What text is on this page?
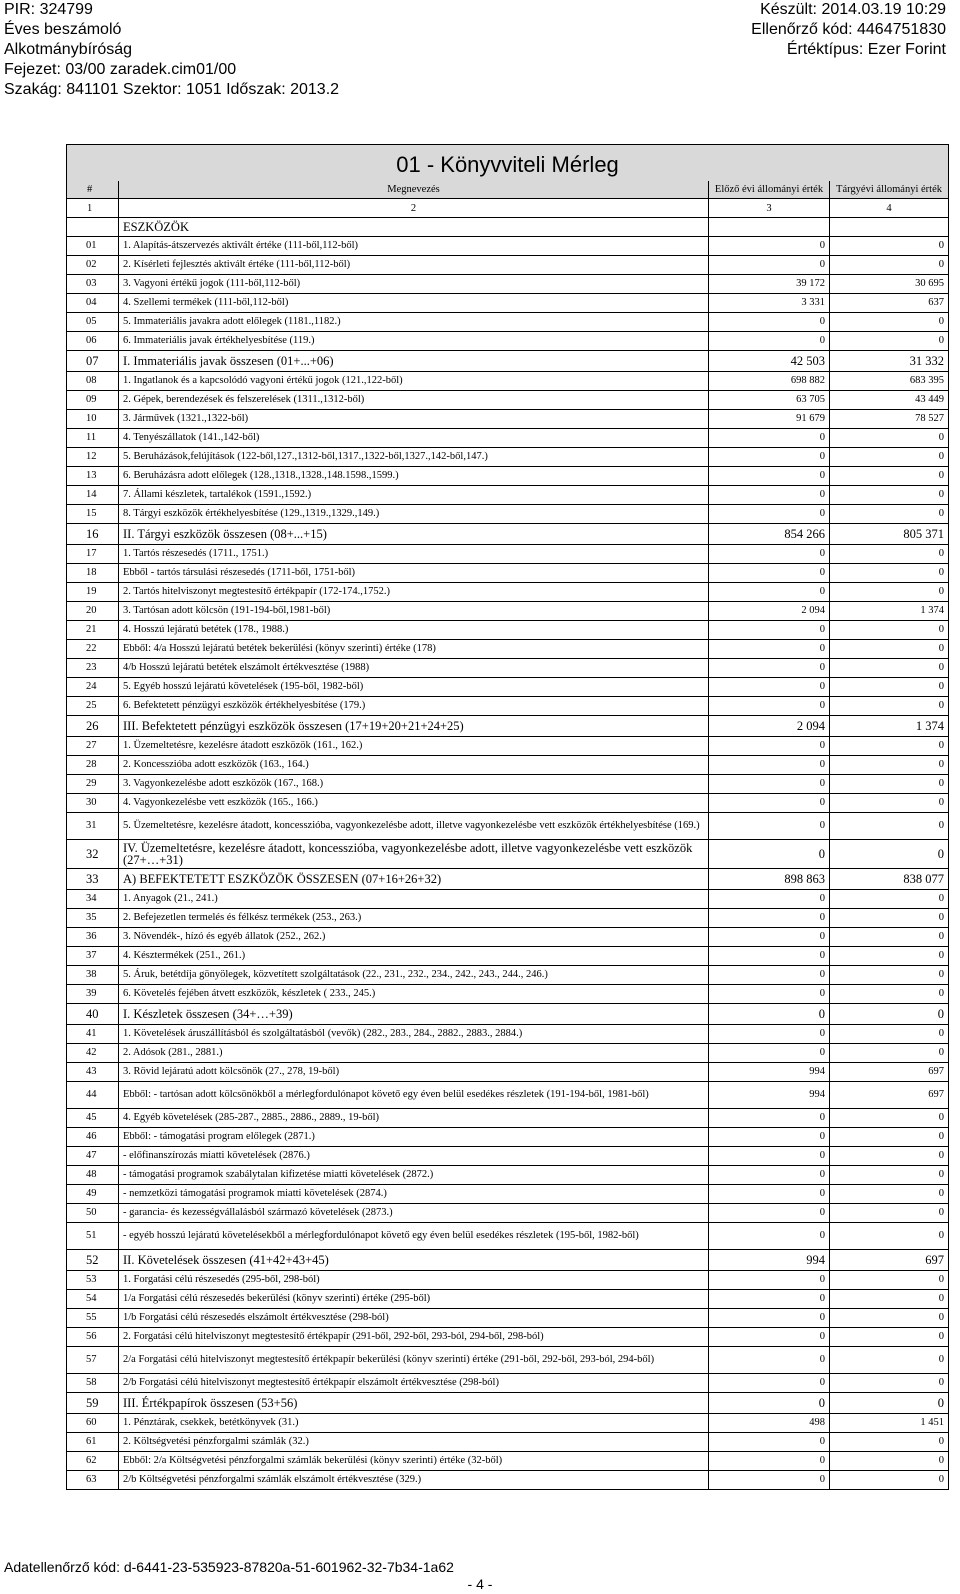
PIR: 324799
Éves beszámoló
Alkotmánybíróság
Fejezet: 03/00 zaradek.cim01/00
Szakág: 841101 Szektor: 1051 Időszak: 2013.2
Készült: 2014.03.19 10:29
Ellenőrző kód: 4464751830
Értéktípus: Ezer Forint
01 - Könyvviteli Mérleg			
#	Megnevezés	Előző évi állományi érték	Tárgyévi állományi érték
1	2	3	4
	ESZKÖZÖK		
01	1. Alapítás-átszervezés aktivált értéke (111-ből,112-ből)	0	0
02	2. Kísérleti fejlesztés aktivált értéke (111-ből,112-ből)	0	0
03	3. Vagyoni értékű jogok (111-ből,112-ből)	39 172	30 695
04	4. Szellemi termékek (111-ből,112-ből)	3 331	637
05	5. Immateriális javakra adott előlegek (1181.,1182.)	0	0
06	6. Immateriális javak értékhelyesbítése (119.)	0	0
07	I. Immateriális javak összesen (01+...+06)	42 503	31 332
08	1. Ingatlanok és a kapcsolódó vagyoni értékű jogok (121.,122-ből)	698 882	683 395
09	2. Gépek, berendezések és felszerelések (1311.,1312-ből)	63 705	43 449
10	3. Járművek (1321.,1322-ből)	91 679	78 527
11	4. Tenyészállatok (141.,142-ből)	0	0
12	5. Beruházások,felújítások (122-ből,127.,1312-ből,1317.,1322-ből,1327.,142-ből,147.)	0	0
13	6. Beruházásra adott előlegek (128.,1318.,1328.,148.1598.,1599.)	0	0
14	7. Állami készletek, tartalékok (1591.,1592.)	0	0
15	8. Tárgyi eszközök értékhelyesbítése (129.,1319.,1329.,149.)	0	0
16	II. Tárgyi eszközök összesen (08+...+15)	854 266	805 371
17	1. Tartós részesedés (1711., 1751.)	0	0
18	Ebből - tartós társulási részesedés (1711-ből, 1751-ből)	0	0
19	2. Tartós hitelviszonyt megtestesítő értékpapír (172-174.,1752.)	0	0
20	3. Tartósan adott kölcsön (191-194-ből,1981-ből)	2 094	1 374
21	4. Hosszú lejáratú betétek (178., 1988.)	0	0
22	Ebből: 4/a Hosszú lejáratú betétek bekerülési (könyv szerinti) értéke (178)	0	0
23	4/b Hosszú lejáratú betétek elszámolt értékvesztése (1988)	0	0
24	5. Egyéb hosszú lejáratú követelések (195-ből, 1982-ből)	0	0
25	6. Befektetett pénzügyi eszközök értékhelyesbítése (179.)	0	0
26	III. Befektetett pénzügyi eszközök összesen (17+19+20+21+24+25)	2 094	1 374
27	1. Üzemeltetésre, kezelésre átadott eszközök (161., 162.)	0	0
28	2. Koncesszióba adott eszközök (163., 164.)	0	0
29	3. Vagyonkezelésbe adott eszközök (167., 168.)	0	0
30	4. Vagyonkezelésbe vett eszközök (165., 166.)	0	0
31	5. Üzemeltetésre, kezelésre átadott, koncesszióba, vagyonkezelésbe adott, illetve vagyonkezelésbe vett eszközök értékhelyesbítése (169.)	0	0
32	IV. Üzemeltetésre, kezelésre átadott, koncesszióba, vagyonkezelésbe adott, illetve vagyonkezelésbe vett eszközök (27+…+31)	0	0
33	A) BEFEKTETETT ESZKÖZÖK ÖSSZESEN (07+16+26+32)	898 863	838 077
34	1. Anyagok (21., 241.)	0	0
35	2. Befejezetlen termelés és félkész termékek (253., 263.)	0	0
36	3. Növendék-, hízó és egyéb állatok (252., 262.)	0	0
37	4. Késztermékek (251., 261.)	0	0
38	5. Áruk, betétdíja gönyölegek, közvetített szolgáltatások (22., 231., 232., 234., 242., 243., 244., 246.)	0	0
39	6. Követelés fejében átvett eszközök, készletek ( 233., 245.)	0	0
40	I. Készletek összesen (34+…+39)	0	0
41	1. Követelések áruszállításból és szolgáltatásból (vevők) (282., 283., 284., 2882., 2883., 2884.)	0	0
42	2. Adósok (281., 2881.)	0	0
43	3. Rövid lejáratú adott kölcsönök (27., 278, 19-ből)	994	697
44	Ebből: - tartósan adott kölcsönökből a mérlegfordulónapot követő egy éven belül esedékes részletek (191-194-ből, 1981-ből)	994	697
45	4. Egyéb követelések (285-287., 2885., 2886., 2889., 19-ből)	0	0
46	Ebből: - támogatási program előlegek (2871.)	0	0
47	- előfinanszírozás miatti követelések (2876.)	0	0
48	- támogatási programok szabálytalan kifizetése miatti követelések (2872.)	0	0
49	- nemzetközi támogatási programok miatti követelések (2874.)	0	0
50	- garancia- és kezességvállalásból származó követelések (2873.)	0	0
51	- egyéb hosszú lejáratú követelésekből a mérlegfordulónapot követő egy éven belül esedékes részletek (195-ből, 1982-ből)	0	0
52	II. Követelések összesen (41+42+43+45)	994	697
53	1. Forgatási célú részesedés (295-ből, 298-ból)	0	0
54	1/a Forgatási célú részesedés bekerülési (könyv szerinti) értéke (295-ből)	0	0
55	1/b Forgatási célú részesedés elszámolt értékvesztése (298-ból)	0	0
56	2. Forgatási célú hitelviszonyt megtestesítő értékpapír (291-ből, 292-ből, 293-ból, 294-ből, 298-ból)	0	0
57	2/a Forgatási célú hitelviszonyt megtestesítő értékpapír bekerülési (könyv szerinti) értéke (291-ből, 292-ből, 293-ból, 294-ből)	0	0
58	2/b Forgatási célú hitelviszonyt megtestesítő értékpapír elszámolt értékvesztése (298-ból)	0	0
59	III. Értékpapírok összesen (53+56)	0	0
60	1. Pénztárak, csekkek, betétkönyvek (31.)	498	1 451
61	2. Költségvetési pénzforgalmi számlák (32.)	0	0
62	Ebből: 2/a Költségvetési pénzforgalmi számlák bekerülési (könyv szerinti) értéke (32-ből)	0	0
63	2/b Költségvetési pénzforgalmi számlák elszámolt értékvesztése (329.)	0	0
Adatellenőrző kód: d-6441-23-535923-87820a-51-601962-32-7b34-1a62
- 4 -
